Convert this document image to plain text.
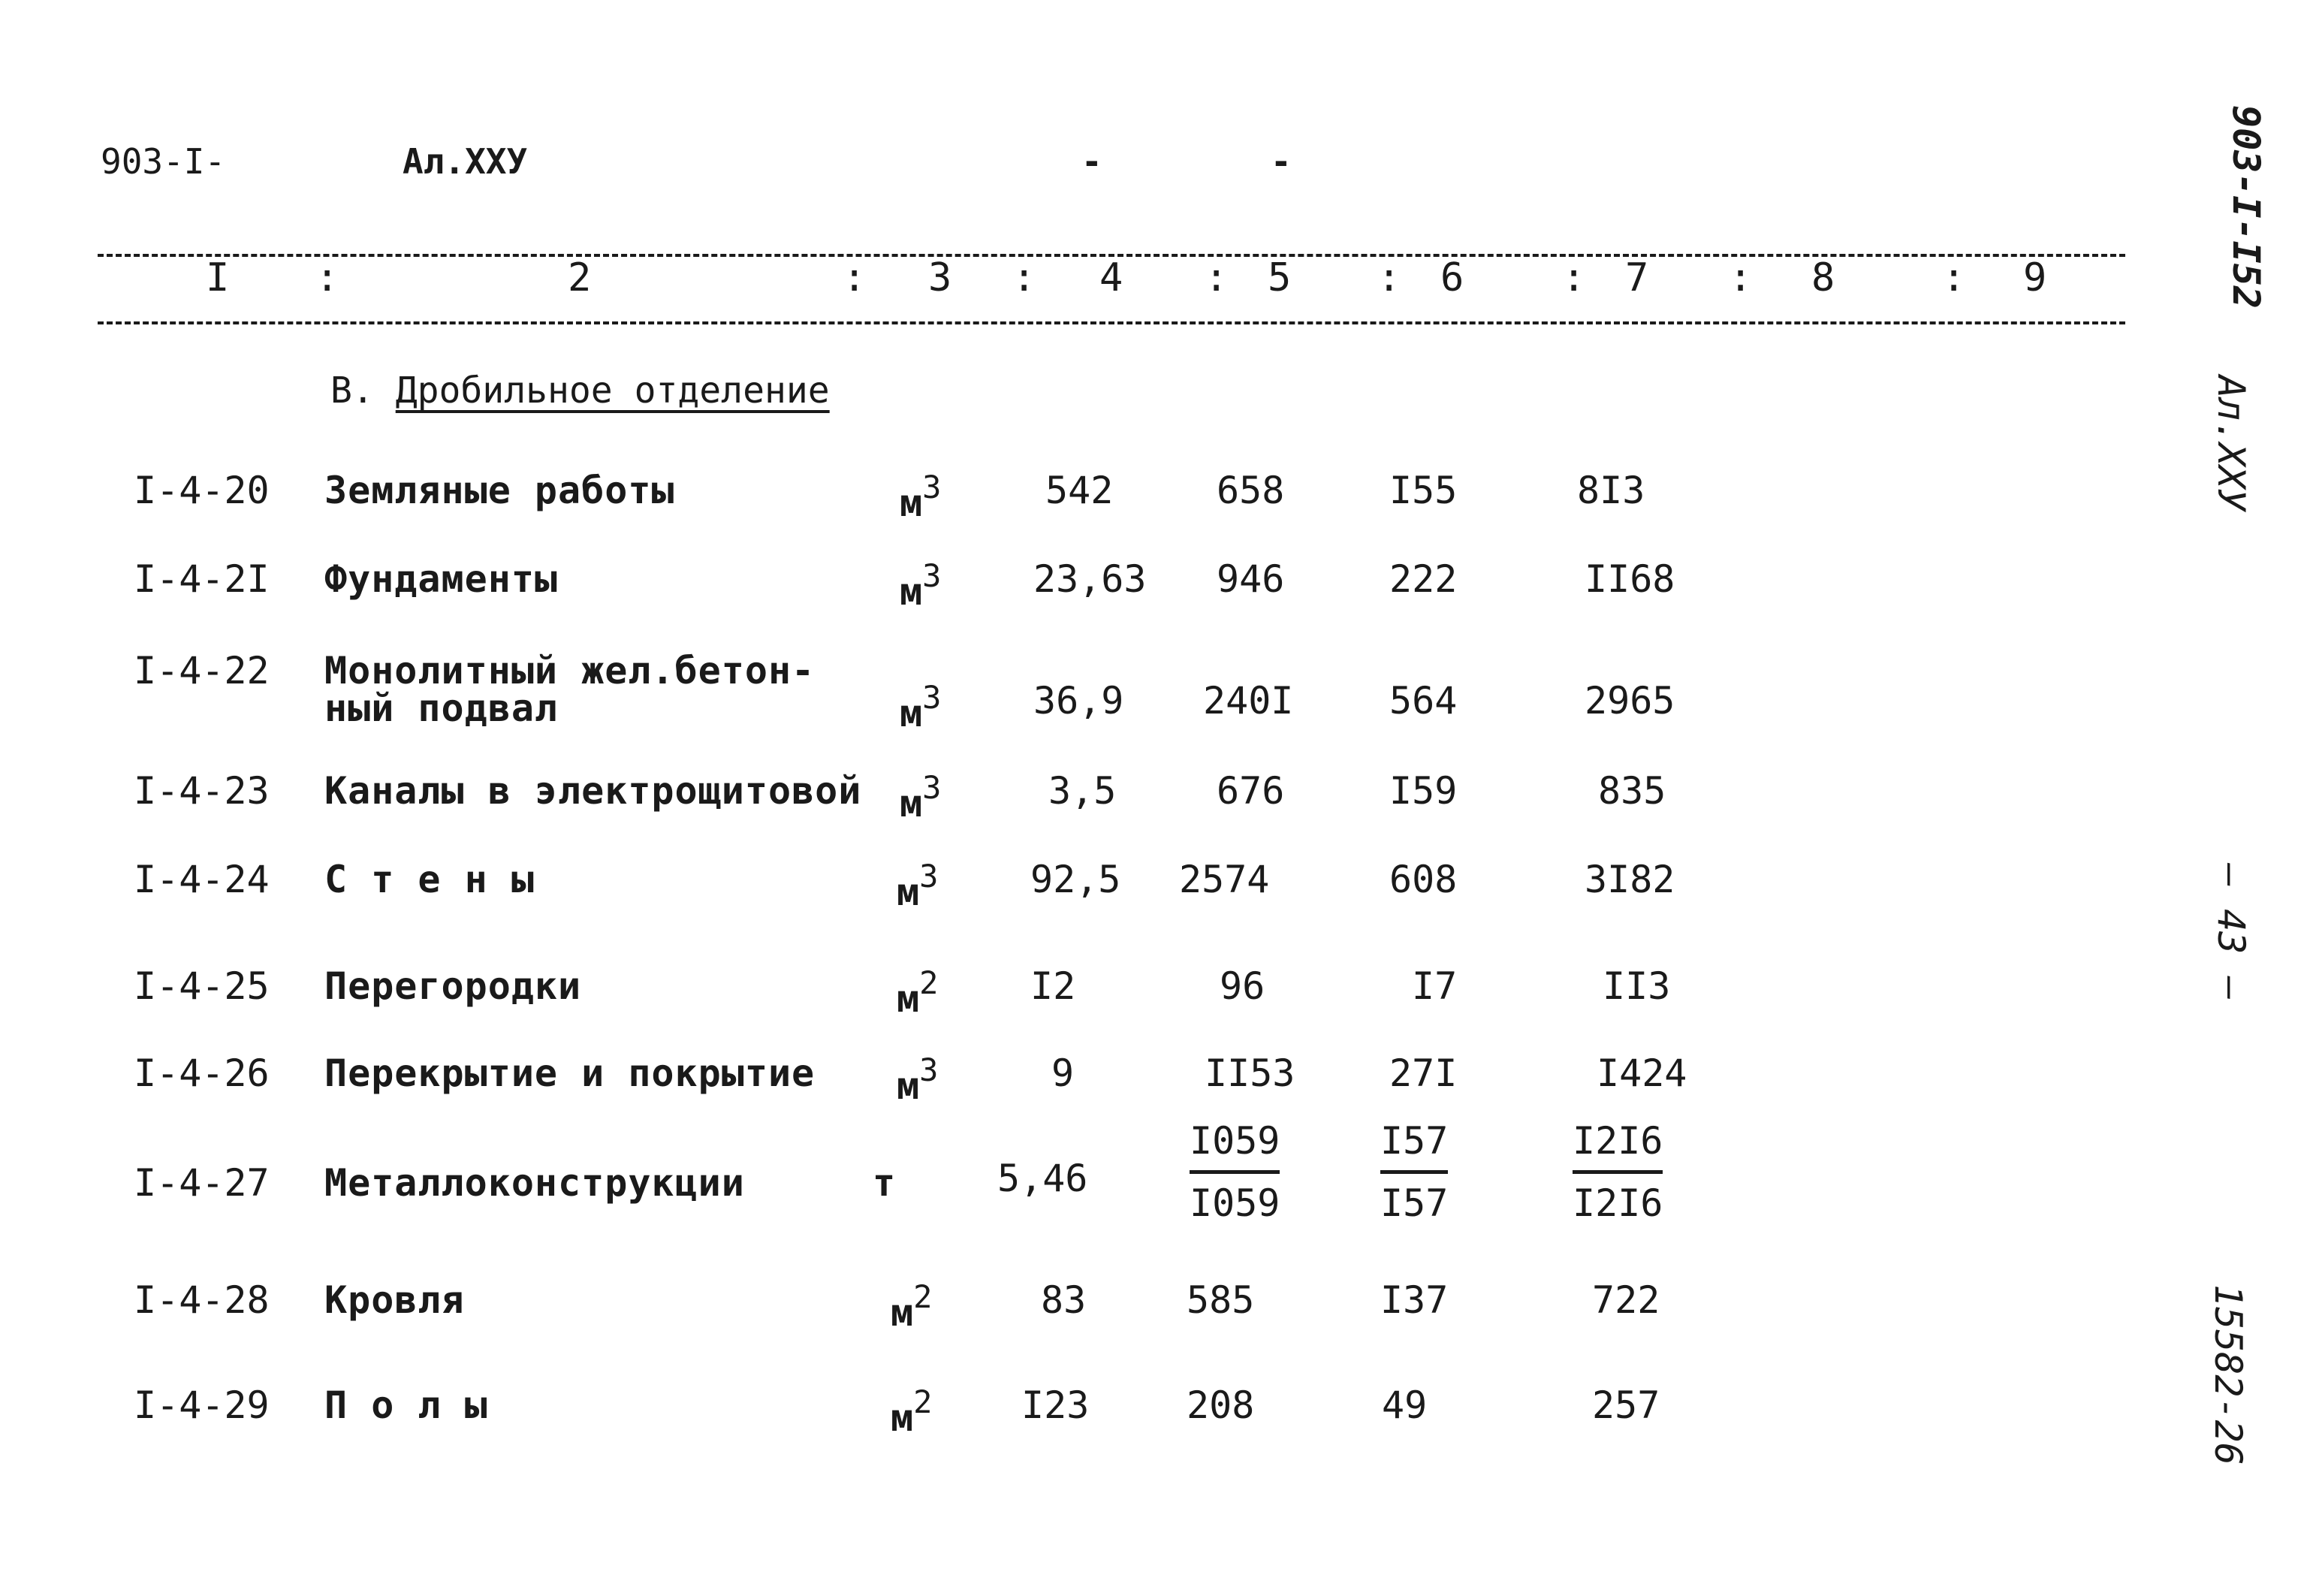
903-I-	Ал.ХХУ	-	-
I :	2	: 3 : 4 : 5 : 6	: 7 : 8	: 9
В. Дробильное отделение
I-4-20 Земляные работы	$м^3$	542	658	I55	8I3
I-4-2I Фундаменты	$м^3$ 23,63 946	222	II68
I-4-22 Монолитный жел.бетон-
ный подвал	$м^3$ 36,9 240I	564	2965
I-4-23 Каналы в электрощитовой $м^3$	3,5	676	I59	835
I-4-24 С т е н ы	$м^3$ 92,5 2574	608	3I82
I-4-25 Перегородки	$м^2$ I2	96	I7	II3
I-4-26 Перекрытие и покрытие $м^3$	9	II53	27I	I424
I-4-27 Металлоконструкции	т	5,46	$\frac{I059}{I059}$	$\frac{I57}{I57}$	$\frac{I2I6}{I2I6}$
I-4-28 Кровля	$м^2$	83	585	I37	722
I-4-29 П о л ы	$м^2$ I23	208	49	257
903-I-I52
Ал.ХХУ
— 43 —
15582-26
